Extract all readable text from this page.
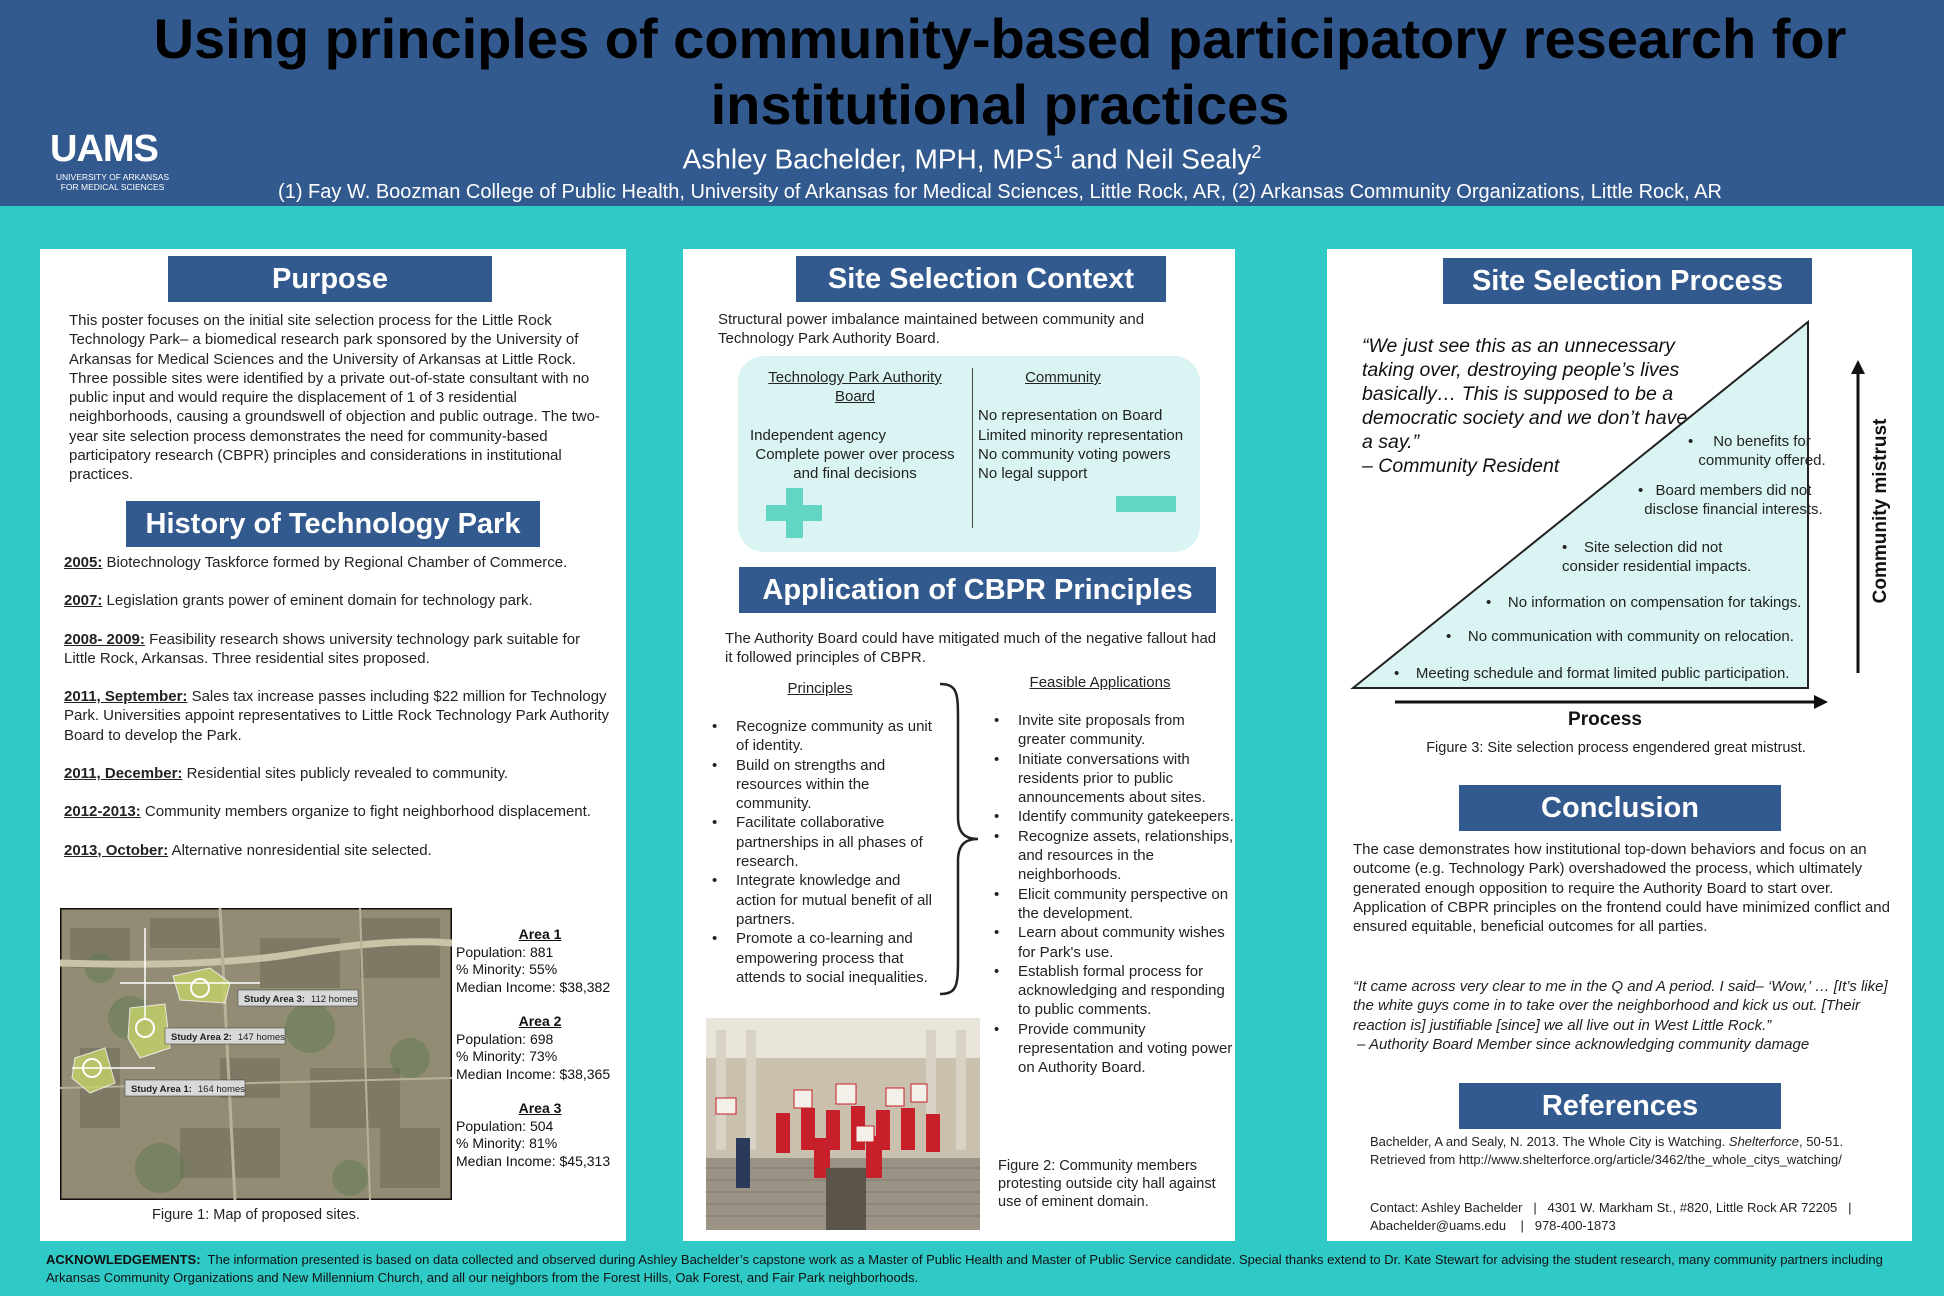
Using principles of community-based participatory research for institutional practices
UAMS
UNIVERSITY OF ARKANSAS FOR MEDICAL SCIENCES
Ashley Bachelder, MPH, MPS$^1$ and Neil Sealy$^2$
(1) Fay W. Boozman College of Public Health, University of Arkansas for Medical Sciences, Little Rock, AR, (2) Arkansas Community Organizations, Little Rock, AR
Purpose
This poster focuses on the initial site selection process for the Little Rock Technology Park– a biomedical research park sponsored by the University of Arkansas for Medical Sciences and the University of Arkansas at Little Rock. Three possible sites were identified by a private out-of-state consultant with no public input and would require the displacement of 1 of 3 residential neighborhoods, causing a groundswell of objection and public outrage. The two-year site selection process demonstrates the need for community-based participatory research (CBPR) principles and considerations in institutional practices.
History of Technology Park

2005: Biotechnology Taskforce formed by Regional Chamber of Commerce.

2007: Legislation grants power of eminent domain for technology park.

2008- 2009: Feasibility research shows university technology park suitable for Little Rock, Arkansas. Three residential sites proposed.

2011, September: Sales tax increase passes including $22 million for Technology Park. Universities appoint representatives to Little Rock Technology Park Authority Board to develop the Park.

2011, December: Residential sites publicly revealed to community.

2012-2013: Community members organize to fight neighborhood displacement.

2013, October: Alternative nonresidential site selected.

Study Area 3: 112 homes
Study Area 2: 147 homes
Study Area 1: 164 homes
Area 1
Population: 881
% Minority: 55%
Median Income: $38,382
Area 2
Population: 698
% Minority: 73%
Median Income: $38,365
Area 3
Population: 504
% Minority: 81%
Median Income: $45,313
Figure 1: Map of proposed sites.
Site Selection Context
Structural power imbalance maintained between community and Technology Park Authority Board.
Technology Park Authority Board
Independent agency
Complete power over process and final decisions
Community
No representation on Board
Limited minority representation
No community voting powers
No legal support
Application of CBPR Principles
The Authority Board could have mitigated much of the negative fallout had it followed principles of CBPR.
Principles	Feasible Applications
• Recognize community as unit of identity.
• Build on strengths and resources within the community.
• Facilitate collaborative partnerships in all phases of research.
• Integrate knowledge and action for mutual benefit of all partners.
• Promote a co-learning and empowering process that attends to social inequalities.
• Invite site proposals from greater community.
• Initiate conversations with residents prior to public announcements about sites.
• Identify community gatekeepers.
• Recognize assets, relationships, and resources in the neighborhoods.
• Elicit community perspective on the development.
• Learn about community wishes for Park's use.
• Establish formal process for acknowledging and responding to public comments.
• Provide community representation and voting power on Authority Board.
Figure 2: Community members protesting outside city hall against use of eminent domain.
Site Selection Process
“We just see this as an unnecessary taking over, destroying people’s lives basically… This is supposed to be a democratic society and we don’t have a say.”
– Community Resident
• No benefits for community offered.
• Board members did not disclose financial interests.
• Site selection did not consider residential impacts.
•    No information on compensation for takings.
•    No communication with community on relocation.
•    Meeting schedule and format limited public participation.
Process
Community mistrust
Figure 3: Site selection process engendered great mistrust.
Conclusion
The case demonstrates how institutional top-down behaviors and focus on an outcome (e.g. Technology Park) overshadowed the process, which ultimately generated enough opposition to require the Authority Board to start over. Application of CBPR principles on the frontend could have minimized conflict and ensured equitable, beneficial outcomes for all parties.
“It came across very clear to me in the Q and A period. I said– ‘Wow,’ … [It’s like] the white guys come in to take over the neighborhood and kick us out. [Their reaction is] justifiable [since] we all live out in West Little Rock.”
– Authority Board Member since acknowledging community damage
References
Bachelder, A and Sealy, N. 2013. The Whole City is Watching. Shelterforce, 50-51. Retrieved from http://www.shelterforce.org/article/3462/the_whole_citys_watching/
Contact: Ashley Bachelder   |   4301 W. Markham St., #820, Little Rock AR 72205   |    Abachelder@uams.edu    |   978-400-1873
ACKNOWLEDGEMENTS:  The information presented is based on data collected and observed during Ashley Bachelder’s capstone work as a Master of Public Health and Master of Public Service candidate. Special thanks extend to Dr. Kate Stewart for advising the student research, many community partners including Arkansas Community Organizations and New Millennium Church, and all our neighbors from the Forest Hills, Oak Forest, and Fair Park neighborhoods.
